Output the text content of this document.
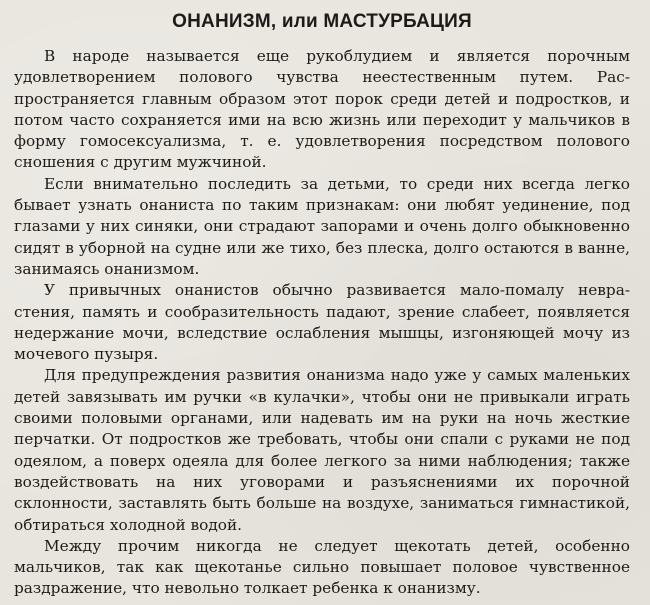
ОНАНИЗМ, или МАСТУРБАЦИЯ

В народе называется еще рукоблудием и является порочным удовлетворением полового чувства неестественным путем. Распространяется главным образом этот порок среди детей и подростков, и потом часто сохраняется ими на всю жизнь или переходит у мальчиков в форму гомосексуализма, т. е. удовлетворения посредством полового сношения с другим мужчиной.

Если внимательно последить за детьми, то среди них всегда легко бывает узнать онаниста по таким признакам: они любят уединение, под глазами у них синяки, они страдают запорами и очень долго обыкновенно сидят в уборной на судне или же тихо, без плеска, долго остаются в ванне, занимаясь онанизмом.

У привычных онанистов обычно развивается мало-помалу неврастения, память и сообразительность падают, зрение слабеет, появляется недержание мочи, вследствие ослабления мышцы, изгоняющей мочу из мочевого пузыря.

Для предупреждения развития онанизма надо уже у самых маленьких детей завязывать им ручки «в кулачки», чтобы они не привыкали играть своими половыми органами, или надевать им на руки на ночь жесткие перчатки. От подростков же требовать, чтобы они спали с руками не под одеялом, а поверх одеяла для более легкого за ними наблюдения; также воздействовать на них уговорами и разъяснениями их порочной склонности, заставлять быть больше на воздухе, заниматься гимнастикой, обтираться холодной водой.

Между прочим никогда не следует щекотать детей, особенно мальчиков, так как щекотанье сильно повышает половое чувственное раздражение, что невольно толкает ребенка к онанизму.
